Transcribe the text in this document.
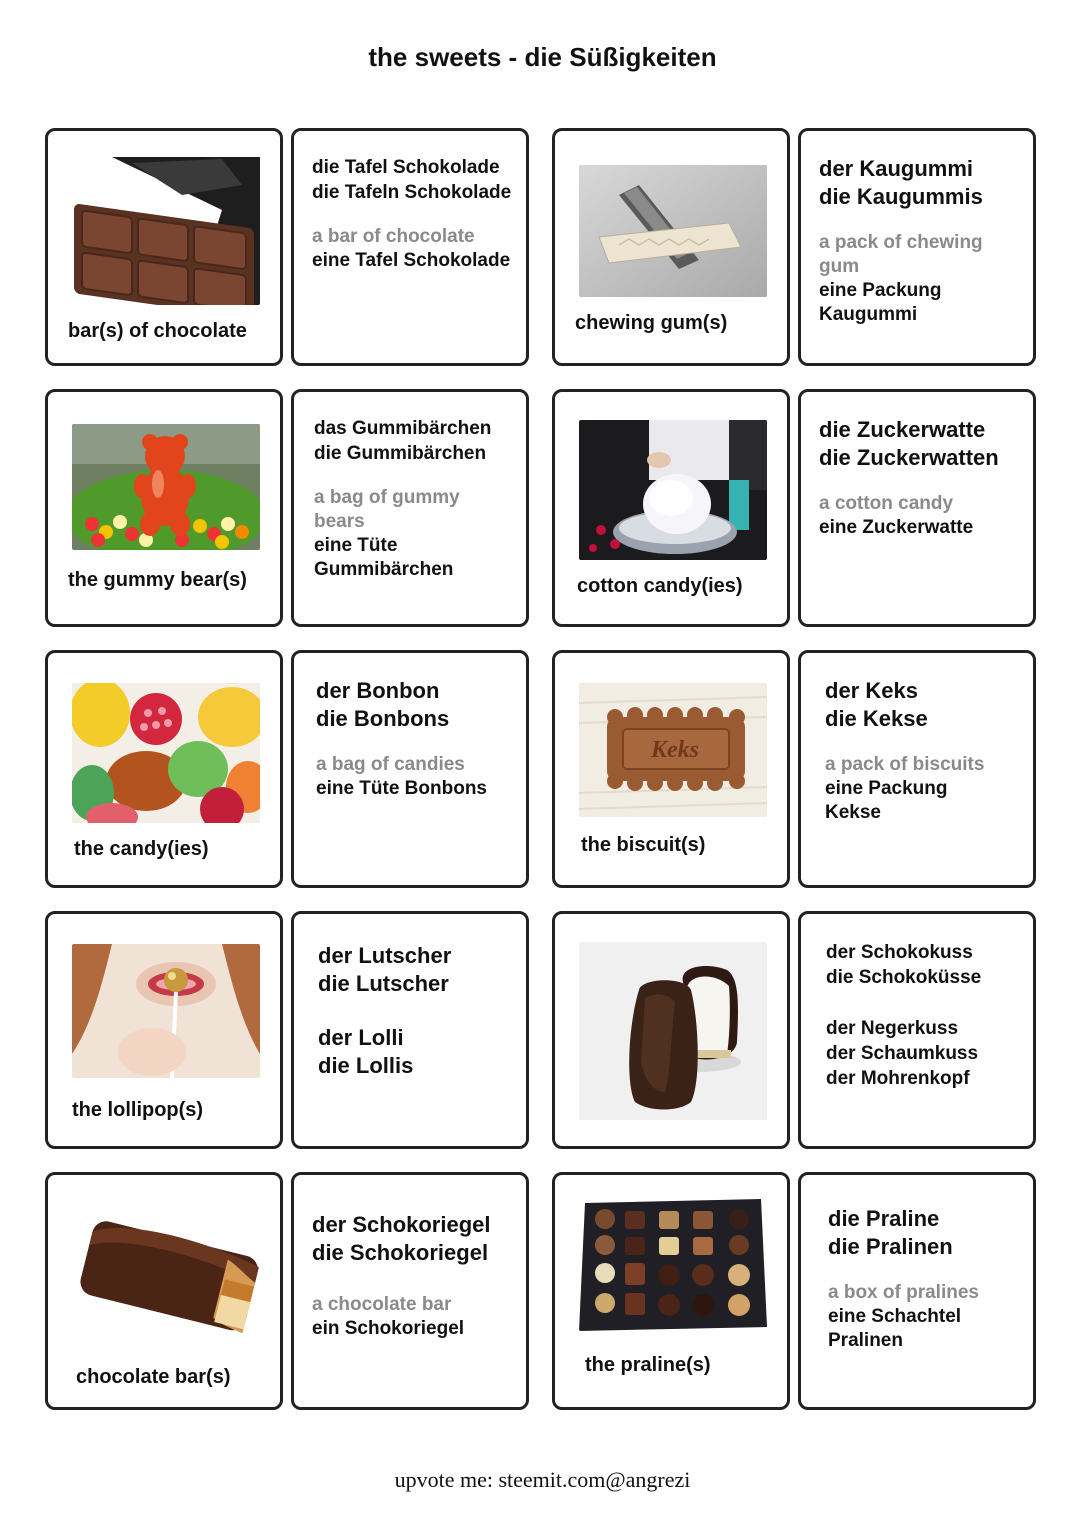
the sweets - die Süßigkeiten
bar(s) of chocolate
die Tafel Schokolade
die Tafeln Schokolade
a bar of chocolate
eine Tafel Schokolade
chewing gum(s)
der Kaugummi
die Kaugummis
a pack of chewing gum
eine Packung Kaugummi
the gummy bear(s)
das Gummibärchen
die Gummibärchen
a bag of gummy bears
eine Tüte Gummibärchen
cotton candy(ies)
die Zuckerwatte
die Zuckerwatten
a cotton candy
eine Zuckerwatte
the candy(ies)
der Bonbon
die Bonbons
a bag of candies
eine Tüte Bonbons
Keks
the biscuit(s)
der Keks
die Kekse
a pack of biscuits
eine Packung Kekse
the lollipop(s)
der Lutscher
die Lutscher
der Lolli
die Lollis
der Schokokuss
die Schokoküsse
der Negerkuss
der Schaumkuss
der Mohrenkopf
chocolate bar(s)
der Schokoriegel
die Schokoriegel
a chocolate bar
ein Schokoriegel
the praline(s)
die Praline
die Pralinen
a box of pralines
eine Schachtel Pralinen
upvote me: steemit.com@angrezi
